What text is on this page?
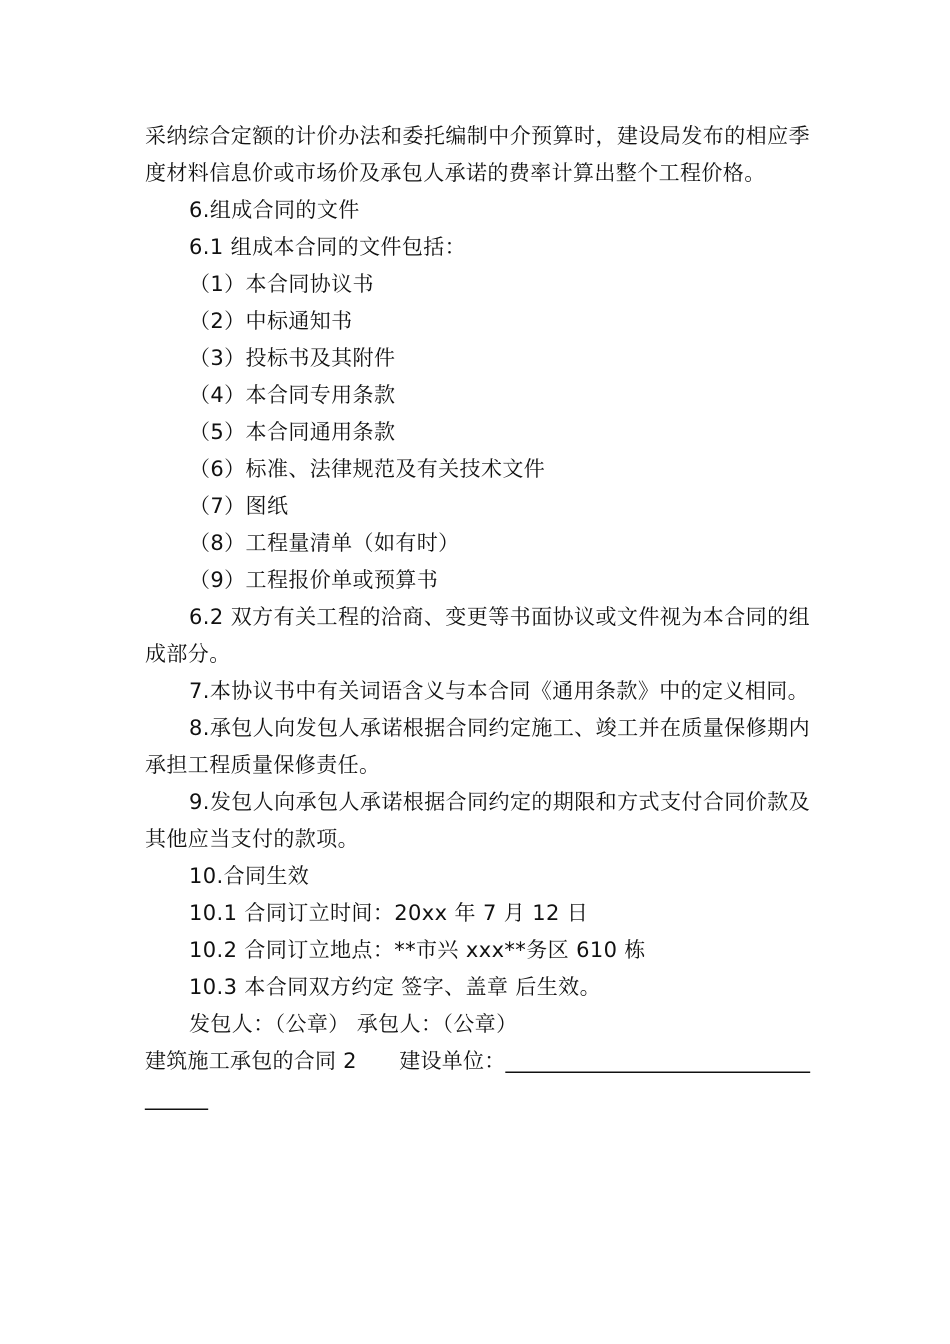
采纳综合定额的计价办法和委托编制中介预算时，建设局发布的相应季度材料信息价或市场价及承包人承诺的费率计算出整个工程价格。

6.组成合同的文件

6.1 组成本合同的文件包括：

（1）本合同协议书

（2）中标通知书

（3）投标书及其附件

（4）本合同专用条款

（5）本合同通用条款

（6）标准、法律规范及有关技术文件

（7）图纸

（8）工程量清单（如有时）

（9）工程报价单或预算书

6.2 双方有关工程的洽商、变更等书面协议或文件视为本合同的组成部分。

7.本协议书中有关词语含义与本合同《通用条款》中的定义相同。

8.承包人向发包人承诺根据合同约定施工、竣工并在质量保修期内承担工程质量保修责任。

9.发包人向承包人承诺根据合同约定的期限和方式支付合同价款及其他应当支付的款项。

10.合同生效

10.1 合同订立时间：20xx 年 7 月 12 日

10.2 合同订立地点：**市兴 xxx**务区 610 栋

10.3 本合同双方约定 签字、盖章 后生效。

发包人：（公章） 承包人：（公章）

建筑施工承包的合同 2　　建设单位：___________________________________
